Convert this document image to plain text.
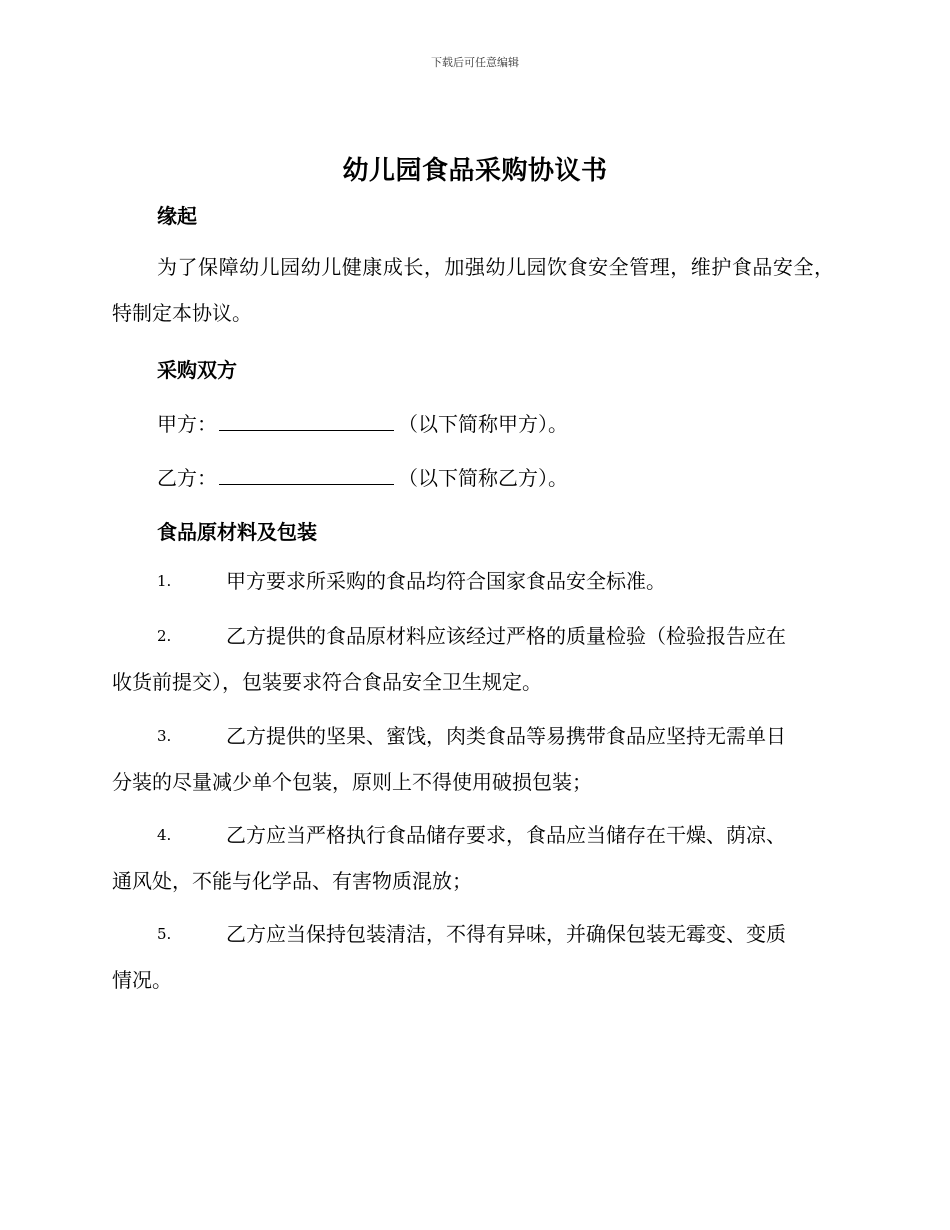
下载后可任意编辑
幼儿园食品采购协议书
缘起
为了保障幼儿园幼儿健康成长，加强幼儿园饮食安全管理，维护食品安全，特制定本协议。
采购双方
甲方：	（以下简称甲方）。
乙方：	（以下简称乙方）。
食品原材料及包装
1.	甲方要求所采购的食品均符合国家食品安全标准。
2.	乙方提供的食品原材料应该经过严格的质量检验（检验报告应在
收货前提交），包装要求符合食品安全卫生规定。
3.	乙方提供的坚果、蜜饯，肉类食品等易携带食品应坚持无需单日
分装的尽量减少单个包装，原则上不得使用破损包装；
4.	乙方应当严格执行食品储存要求，食品应当储存在干燥、荫凉、
通风处，不能与化学品、有害物质混放；
5.	乙方应当保持包装清洁，不得有异味，并确保包装无霉变、变质
情况。
